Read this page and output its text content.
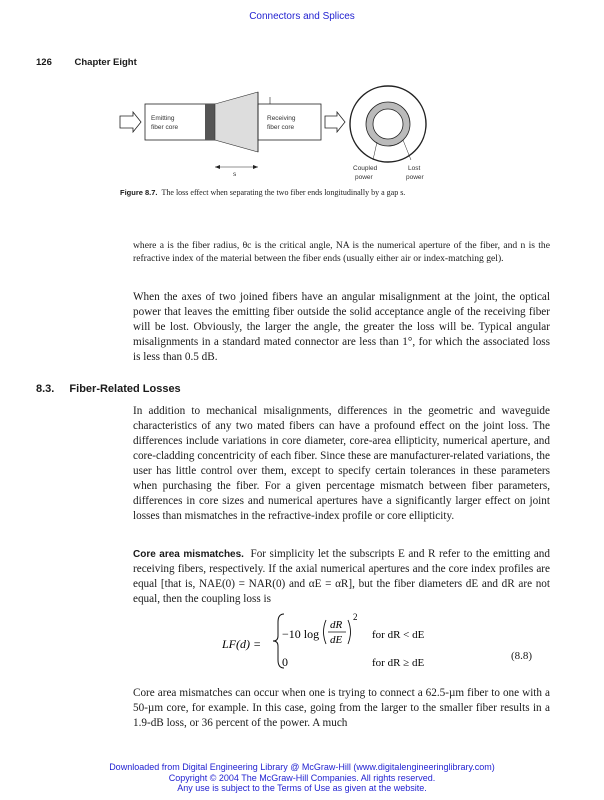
Connectors and Splices
126 Chapter Eight
Emitting
fiber core
Receiving
fiber core
s
Coupled
power
Lost
power
Figure 8.7. The loss effect when separating the two fiber ends longitudinally by a gap s.
where a is the fiber radius, θc is the critical angle, NA is the numerical aperture of the fiber, and n is the refractive index of the material between the fiber ends (usually either air or index-matching gel).
When the axes of two joined fibers have an angular misalignment at the joint, the optical power that leaves the emitting fiber outside the solid acceptance angle of the receiving fiber will be lost. Obviously, the larger the angle, the greater the loss will be. Typical angular misalignments in a standard mated connector are less than 1°, for which the associated loss is less than 0.5 dB.
8.3. Fiber-Related Losses
In addition to mechanical misalignments, differences in the geometric and waveguide characteristics of any two mated fibers can have a profound effect on the joint loss. The differences include variations in core diameter, core-area ellipticity, numerical aperture, and core-cladding concentricity of each fiber. Since these are manufacturer-related variations, the user has little control over them, except to specify certain tolerances in these parameters when purchasing the fiber. For a given percentage mismatch between fiber parameters, differences in core sizes and numerical apertures have a significantly larger effect on joint losses than mismatches in the refractive-index profile or core ellipticity.
Core area mismatches. For simplicity let the subscripts E and R refer to the emitting and receiving fibers, respectively. If the axial numerical apertures and the core index profiles are equal [that is, NAE(0) = NAR(0) and αE = αR], but the fiber diameters dE and dR are not equal, then the coupling loss is
LF(d) =
−10 log
dR
dE
2
for dR < dE
0	for dR ≥ dE
(8.8)
Core area mismatches can occur when one is trying to connect a 62.5-µm fiber to one with a 50-µm core, for example. In this case, going from the larger to the smaller fiber results in a 1.9-dB loss, or 36 percent of the power. A much
Downloaded from Digital Engineering Library @ McGraw-Hill (www.digitalengineeringlibrary.com)
Copyright © 2004 The McGraw-Hill Companies. All rights reserved.
Any use is subject to the Terms of Use as given at the website.
